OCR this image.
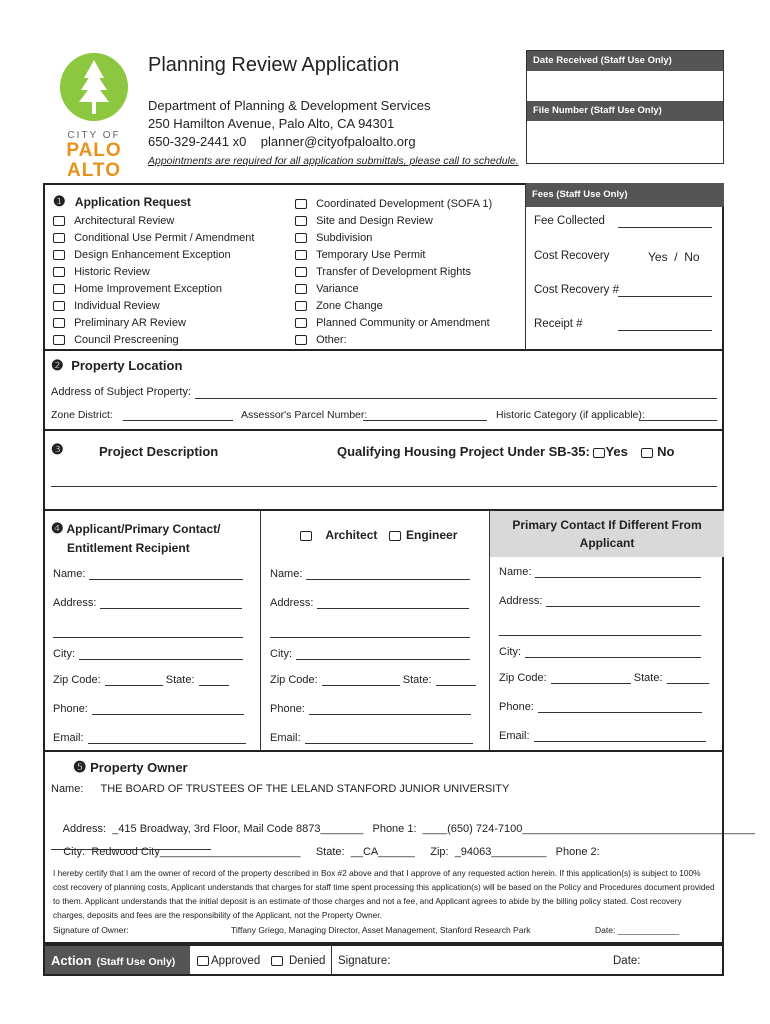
CITY OF
PALO
ALTO
Planning Review Application
Department of Planning & Development Services
250 Hamilton Avenue, Palo Alto, CA 94301
650-329-2441 x0    planner@cityofpaloalto.org
Appointments are required for all application submittals, please call to schedule.
Date Received (Staff Use Only)
File Number (Staff Use Only)
❶ Application Request
Architectural Review
Conditional Use Permit / Amendment
Design Enhancement Exception
Historic Review
Home Improvement Exception
Individual Review
Preliminary AR Review
Council Prescreening
Coordinated Development (SOFA 1)
Site and Design Review
Subdivision
Temporary Use Permit
Transfer of Development Rights
Variance
Zone Change
Planned Community or Amendment
Other:
Fees (Staff Use Only)
Fee Collected
Cost Recovery	Yes  /  No
Cost Recovery #
Receipt #
❷ Property Location
Address of Subject Property:
Zone District:	Assessor's Parcel Number:	Historic Category (if applicable):
❸	Project Description	Qualifying Housing Project Under SB-35: Yes No
❹ Applicant/Primary Contact/
Entitlement Recipient
Architect Engineer
Primary Contact If Different From
Applicant
Name:
Address:
City:
Zip Code:	State:
Phone:
Email:
Name:
Address:
City:
Zip Code:	State:
Phone:
Email:
Name:
Address:
City:
Zip Code:	State:
Phone:
Email:
❺ Property Owner
Name: THE BOARD OF TRUSTEES OF THE LELAND STANFORD JUNIOR UNIVERSITY

Address: _415 Broadway, 3rd Floor, Mail Code 8873_______ Phone 1: ____(650) 724-7100______________________________________

City: Redwood City_______________________ State: __CA______ Zip: _94063_________ Phone 2:

I hereby certify that I am the owner of record of the property described in Box #2 above and that I approve of any requested action herein. If this application(s) is subject to 100% cost recovery of planning costs, Applicant understands that charges for staff time spent processing this application(s) will be based on the Policy and Procedures document provided to them. Applicant understands that the initial deposit is an estimate of those charges and not a fee, and Applicant agrees to abide by the billing policy stated. Cost recovery charges, deposits and fees are the responsibility of the Applicant, not the Property Owner.
Signature of Owner:	Tiffany Griego, Managing Director, Asset Management, Stanford Research Park	Date: _____________
Action (Staff Use Only)	Approved	Denied Signature:	Date:
